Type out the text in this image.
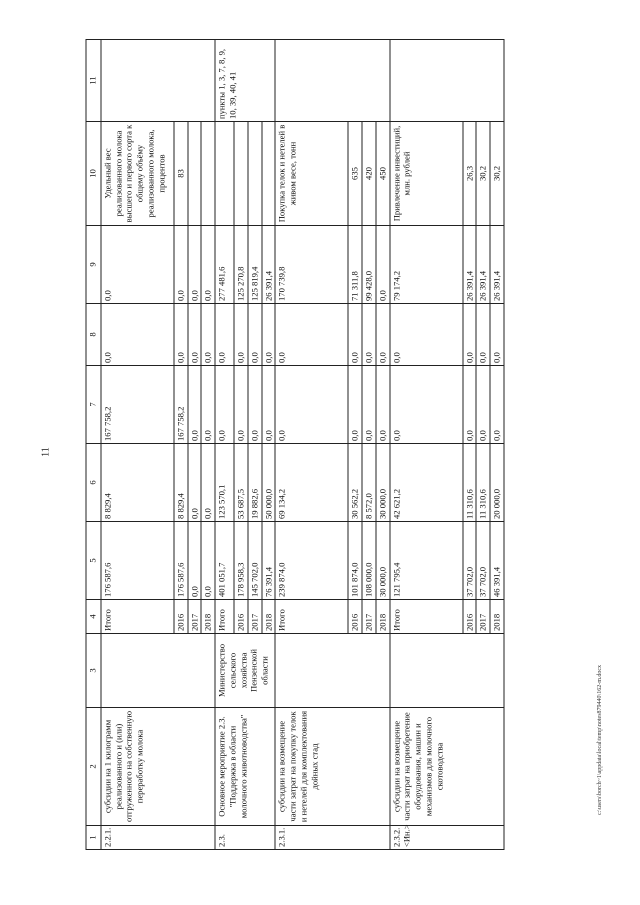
11
c:\users\borch~1\appdata\local\temp\notes879440\162-m.docx
1	2	3	4	5	6	7	8	9	10	11
2.2.1.	субсидии на 1 килограмм реализованного и (или) отгруженного на собственную переработку молока		Итого	176 587,6	8 829,4	167 758,2	0,0	0,0	Удельный вес реализованного молока высшего и первого сорта к общему объёму реализованного молока, процентов	
			2016	176 587,6	8 829,4	167 758,2	0,0	0,0	83	
			2017	0,0	0,0	0,0	0,0	0,0		
			2018	0,0	0,0	0,0	0,0	0,0		
2.3.	Основное мероприятие 2.3. "Поддержка в области молочного животноводства"	Министерство сельского хозяйства Пензенской области	Итого	401 051,7	123 570,1	0,0	0,0	277 481,6		пункты 1, 3, 7, 8, 9, 10, 39, 40, 41
			2016	178 958,3	53 687,5	0,0	0,0	125 270,8		
			2017	145 702,0	19 882,6	0,0	0,0	125 819,4		
			2018	76 391,4	50 000,0	0,0	0,0	26 391,4		
2.3.1.	субсидии на возмещение части затрат на покупку телок и нетелей для комплектования дойных стад		Итого	239 874,0	69 134,2	0,0	0,0	170 739,8	Покупка телок и нетелей в живом весе, тонн	
			2016	101 874,0	30 562,2	0,0	0,0	71 311,8	635	
			2017	108 000,0	8 572,0	0,0	0,0	99 428,0	420	
			2018	30 000,0	30 000,0	0,0	0,0	0,0	450	
2.3.2. <Ин.>	субсидии на возмещение части затрат на приобретение оборудования, машин и механизмов для молочного скотоводства		Итого	121 795,4	42 621,2	0,0	0,0	79 174,2	Привлечение инвестиций, млн. рублей	
			2016	37 702,0	11 310,6	0,0	0,0	26 391,4	26,3	
			2017	37 702,0	11 310,6	0,0	0,0	26 391,4	30,2	
			2018	46 391,4	20 000,0	0,0	0,0	26 391,4	30,2	
